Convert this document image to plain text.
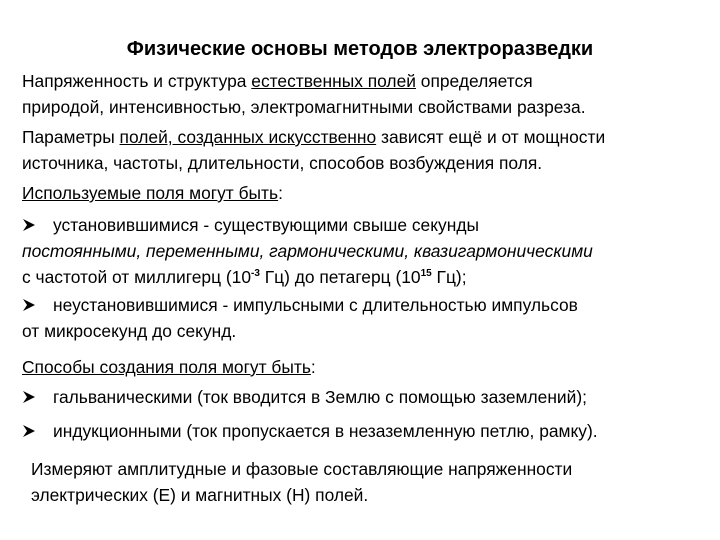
Физические основы методов электроразведки
Напряженность и структура естественных полей определяется
природой, интенсивностью, электромагнитными свойствами разреза.
Параметры полей, созданных искусственно зависят ещё и от мощности
источника, частоты, длительности, способов возбуждения поля.
Используемые поля могут быть:
установившимися - существующими свыше секунды
постоянными, переменными, гармоническими, квазигармоническими
с частотой от миллигерц ($10^{-3}$ Гц) до петагерц ($10^{15}$ Гц);
неустановившимися - импульсными с длительностью импульсов
от микросекунд до секунд.
Способы создания поля могут быть:
гальваническими (ток вводится в Землю с помощью заземлений);
индукционными (ток пропускается в незаземленную петлю, рамку).
Измеряют амплитудные и фазовые составляющие напряженности
электрических (Е) и магнитных (Н) полей.
